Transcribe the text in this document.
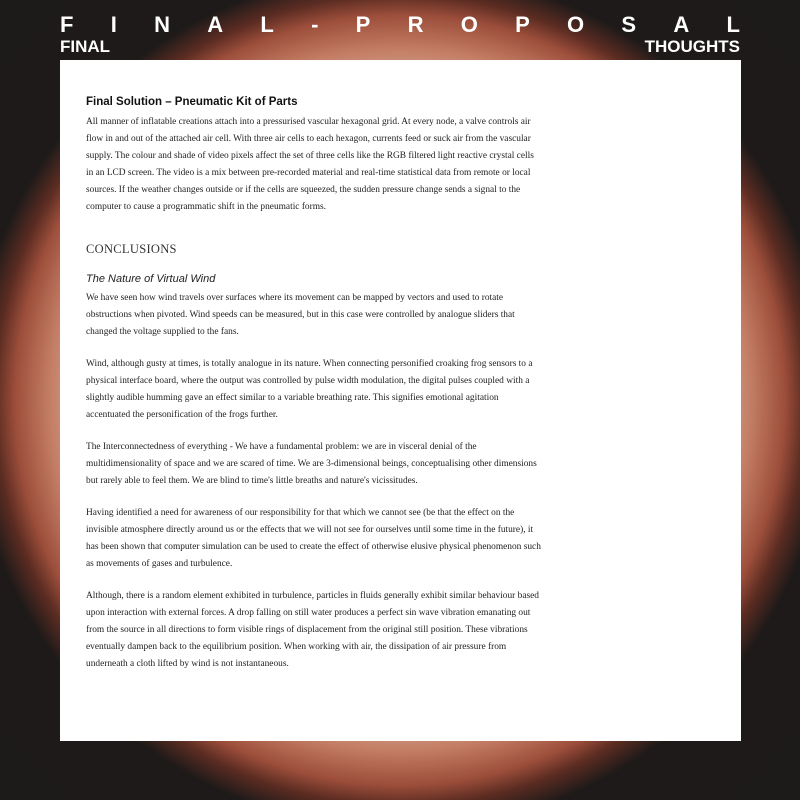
F I N A L - P R O P O S A L
FINAL	THOUGHTS
Final Solution – Pneumatic Kit of Parts

All manner of inflatable creations attach into a pressurised vascular hexagonal grid. At every node, a valve controls air flow in and out of the attached air cell. With three air cells to each hexagon, currents feed or suck air from the vascular supply. The colour and shade of video pixels affect the set of three cells like the RGB filtered light reactive crystal cells in an LCD screen. The video is a mix between pre-recorded material and real-time statistical data from remote or local sources. If the weather changes outside or if the cells are squeezed, the sudden pressure change sends a signal to the computer to cause a programmatic shift in the pneumatic forms.

CONCLUSIONS
The Nature of Virtual Wind

We have seen how wind travels over surfaces where its movement can be mapped by vectors and used to rotate obstructions when pivoted. Wind speeds can be measured, but in this case were controlled by analogue sliders that changed the voltage supplied to the fans.

Wind, although gusty at times, is totally analogue in its nature. When connecting personified croaking frog sensors to a physical interface board, where the output was controlled by pulse width modulation, the digital pulses coupled with a slightly audible humming gave an effect similar to a variable breathing rate. This signifies emotional agitation accentuated the personification of the frogs further.

The Interconnectedness of everything - We have a fundamental problem: we are in visceral denial of the multidimensionality of space and we are scared of time. We are 3-dimensional beings, conceptualising other dimensions but rarely able to feel them. We are blind to time's little breaths and nature's vicissitudes.

Having identified a need for awareness of our responsibility for that which we cannot see (be that the effect on the invisible atmosphere directly around us or the effects that we will not see for ourselves until some time in the future), it has been shown that computer simulation can be used to create the effect of otherwise elusive physical phenomenon such as movements of gases and turbulence.

Although, there is a random element exhibited in turbulence, particles in fluids generally exhibit similar behaviour based upon interaction with external forces. A drop falling on still water produces a perfect sin wave vibration emanating out from the source in all directions to form visible rings of displacement from the original still position. These vibrations eventually dampen back to the equilibrium position. When working with air, the dissipation of air pressure from underneath a cloth lifted by wind is not instantaneous.
